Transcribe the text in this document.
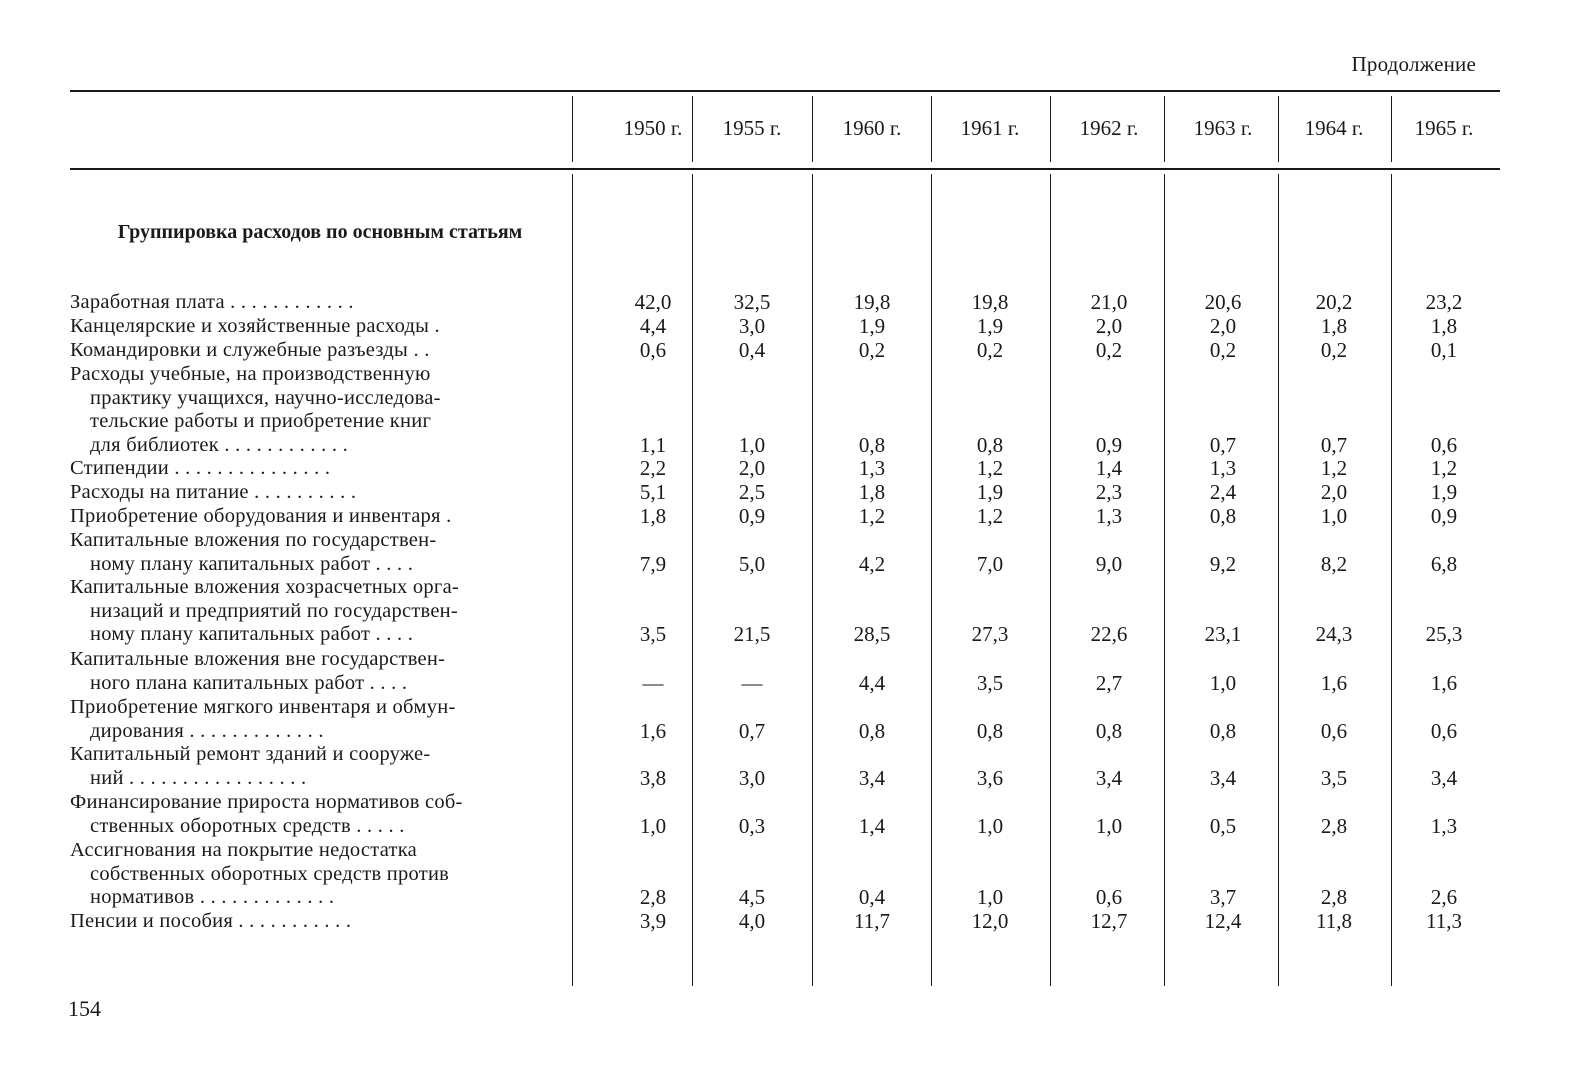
Продолжение
1950 г.	1955 г.	1960 г.	1961 г.	1962 г.	1963 г.	1964 г.	1965 г.
Группировка расходов по основным статьям
Заработная плата . . . . . . . . . . . .	42,0	32,5	19,8	19,8	21,0	20,6	20,2	23,2
Канцелярские и хозяйственные расходы .	4,4	3,0	1,9	1,9	2,0	2,0	1,8	1,8
Командировки и служебные разъезды . .	0,6	0,4	0,2	0,2	0,2	0,2	0,2	0,1
Расходы учебные, на производственную
практику учащихся, научно-исследова-
тельские работы и приобретение книг
для библиотек . . . . . . . . . . . .	1,1	1,0	0,8	0,8	0,9	0,7	0,7	0,6
Стипендии . . . . . . . . . . . . . . .	2,2	2,0	1,3	1,2	1,4	1,3	1,2	1,2
Расходы на питание . . . . . . . . . .	5,1	2,5	1,8	1,9	2,3	2,4	2,0	1,9
Приобретение оборудования и инвентаря .	1,8	0,9	1,2	1,2	1,3	0,8	1,0	0,9
Капитальные вложения по государствен-
ному плану капитальных работ . . . .	7,9	5,0	4,2	7,0	9,0	9,2	8,2	6,8
Капитальные вложения хозрасчетных орга-
низаций и предприятий по государствен-
ному плану капитальных работ . . . .	3,5	21,5	28,5	27,3	22,6	23,1	24,3	25,3
Капитальные вложения вне государствен-
ного плана капитальных работ . . . .	—	—	4,4	3,5	2,7	1,0	1,6	1,6
Приобретение мягкого инвентаря и обмун-
дирования . . . . . . . . . . . . .	1,6	0,7	0,8	0,8	0,8	0,8	0,6	0,6
Капитальный ремонт зданий и сооруже-
ний . . . . . . . . . . . . . . . . .	3,8	3,0	3,4	3,6	3,4	3,4	3,5	3,4
Финансирование прироста нормативов соб-
ственных оборотных средств . . . . .	1,0	0,3	1,4	1,0	1,0	0,5	2,8	1,3
Ассигнования на покрытие недостатка
собственных оборотных средств против
нормативов . . . . . . . . . . . . .	2,8	4,5	0,4	1,0	0,6	3,7	2,8	2,6
Пенсии и пособия . . . . . . . . . . .	3,9	4,0	11,7	12,0	12,7	12,4	11,8	11,3
154
